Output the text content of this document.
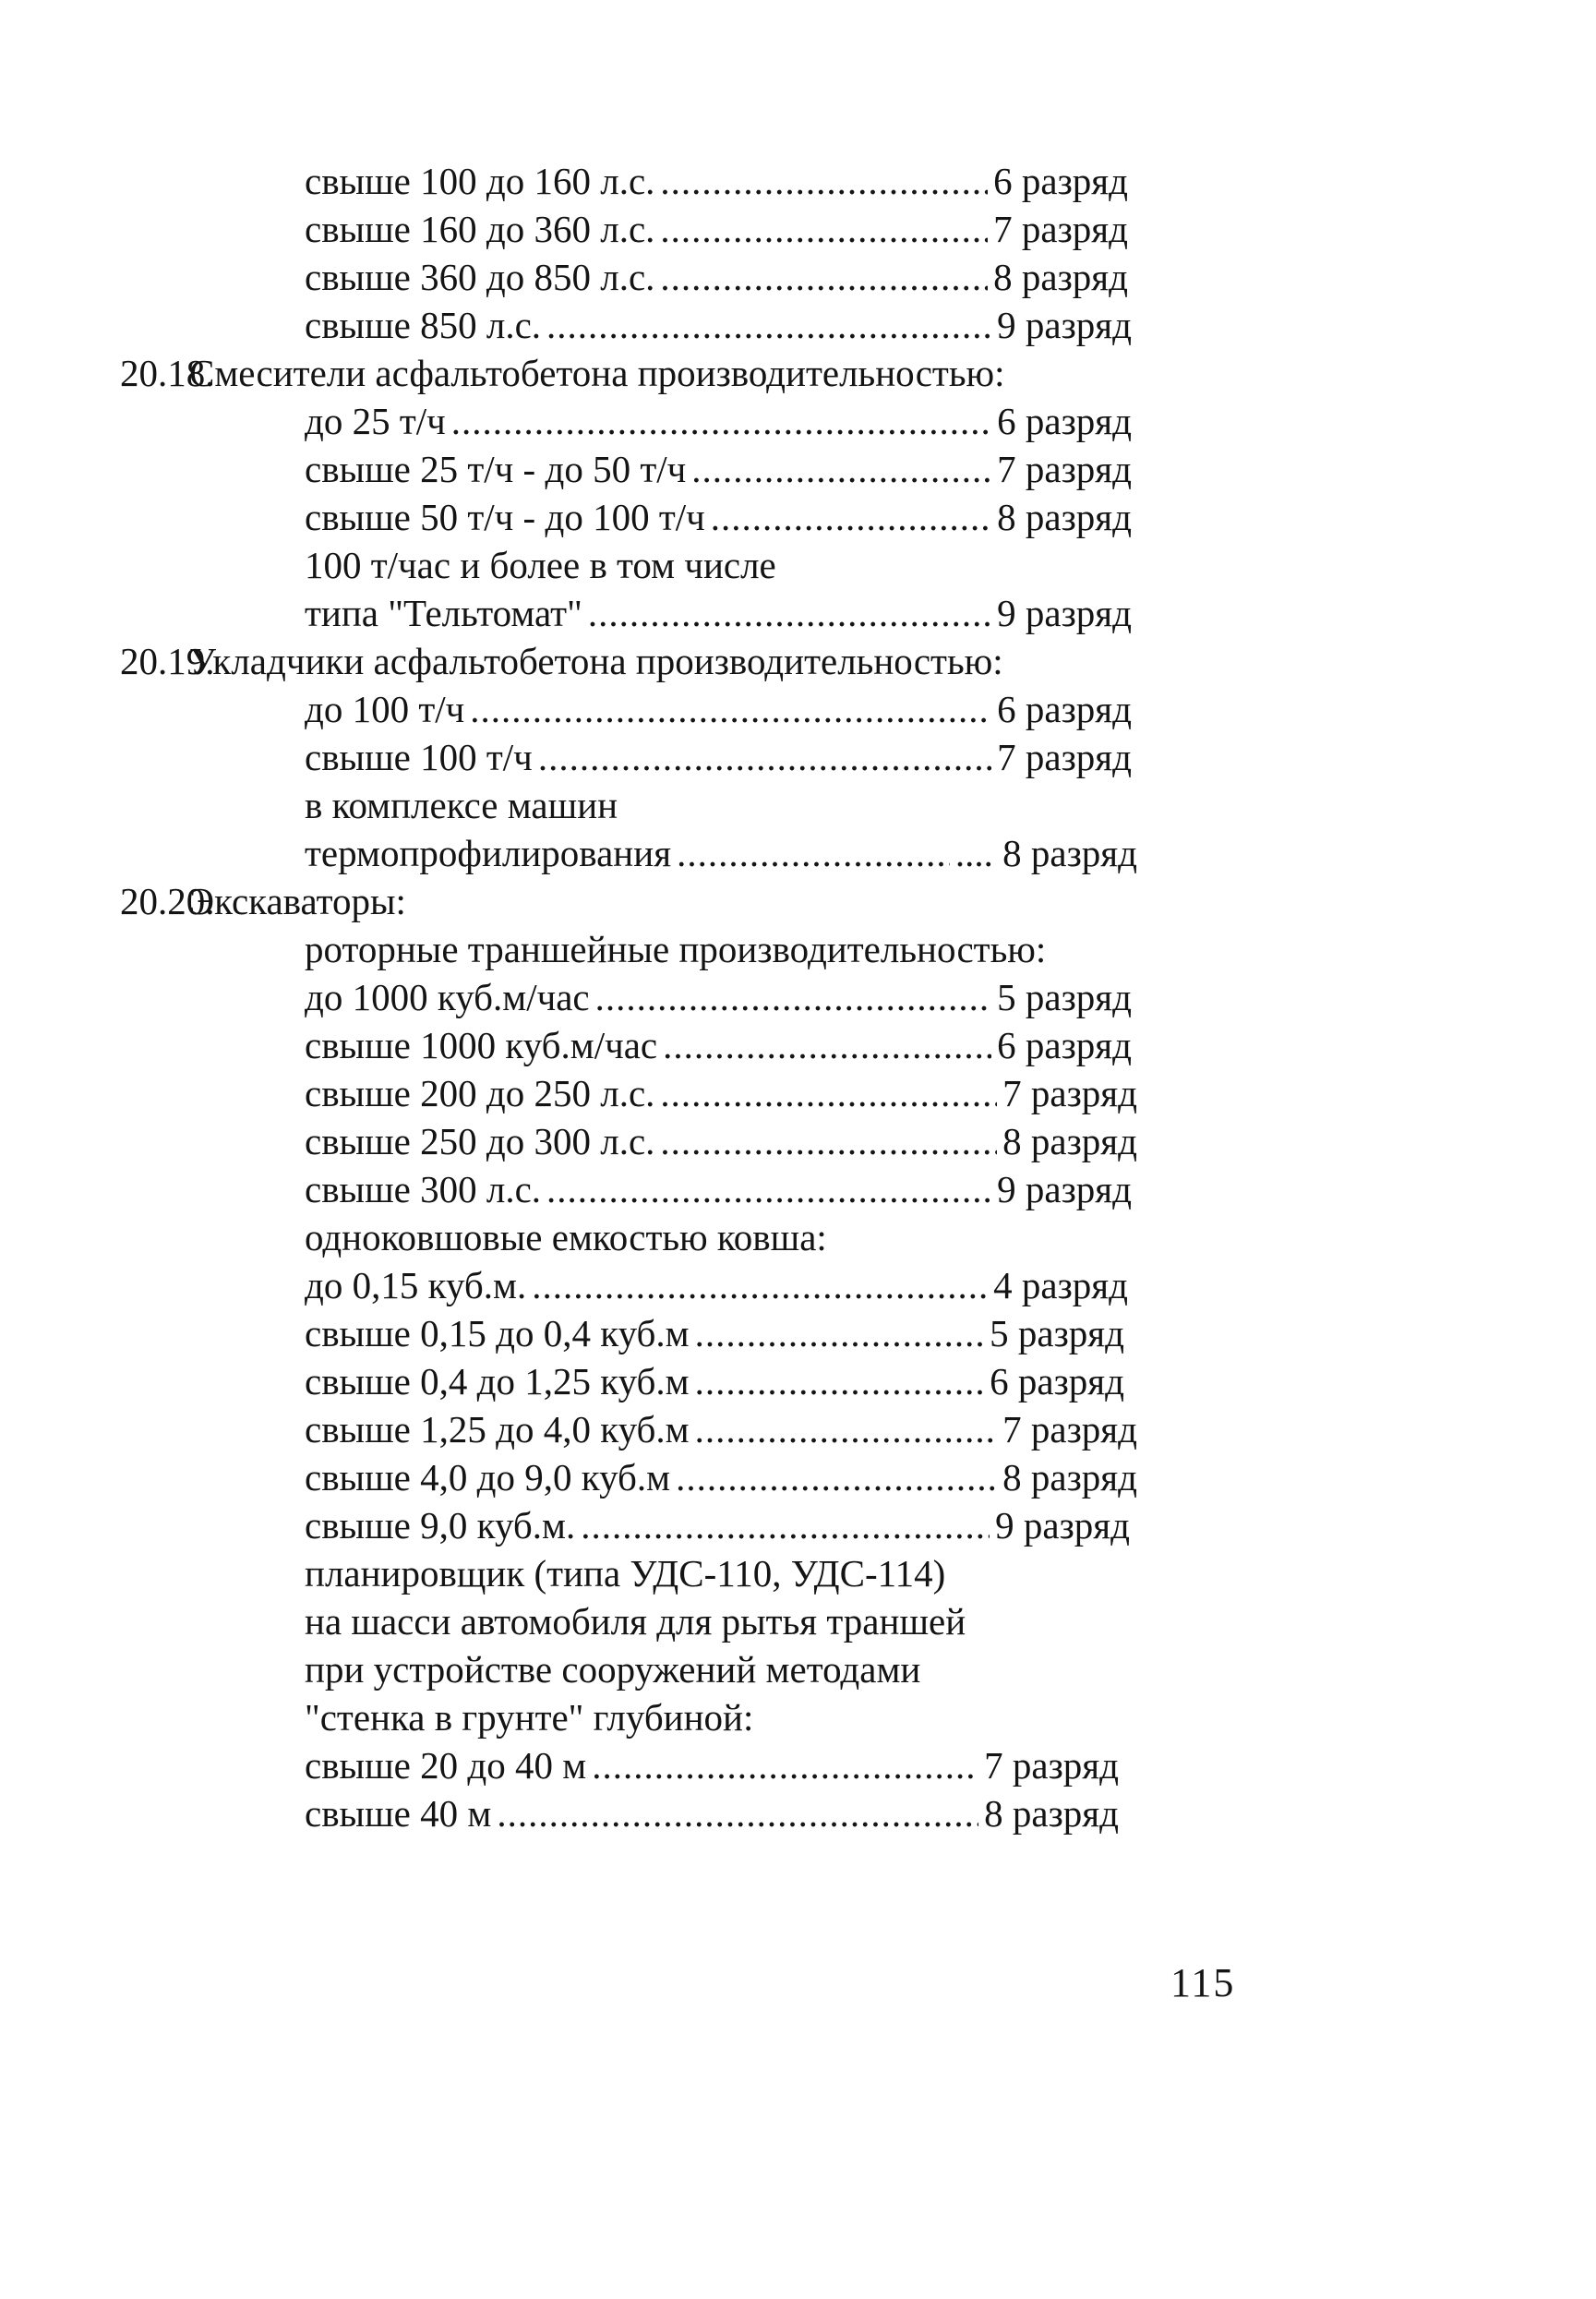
свыше 100 до 160 л.с. .....	6 разряд
свыше 160 до 360 л.с. .....	7 разряд
свыше 360 до 850 л.с. .....	8 разряд
свыше 850 л.с. .....	9 разряд
20.18.
Смесители асфальтобетона производительностью:
до 25 т/ч .....	6 разряд
свыше 25 т/ч - до 50 т/ч .....	7 разряд
свыше 50 т/ч - до 100 т/ч .....	8 разряд
100 т/час и более в том числе
типа "Тельтомат" .....	9 разряд
20.19.
Укладчики асфальтобетона производительностью:
до 100 т/ч .....	6 разряд
свыше 100 т/ч .....	7 разряд
в комплексе машин
термопрофилирования .....	.... 8 разряд
20.20.
Экскаваторы:
роторные траншейные производительностью:
до 1000 куб.м/час .....	5 разряд
свыше 1000 куб.м/час .....	6 разряд
свыше 200 до 250 л.с. .....	7 разряд
свыше 250 до 300 л.с. .....	8 разряд
свыше 300 л.с. .....	9 разряд
одноковшовые емкостью ковша:
до 0,15 куб.м. .....	4 разряд
свыше 0,15 до 0,4 куб.м .....	5 разряд
свыше 0,4 до 1,25 куб.м .....	6 разряд
свыше 1,25 до 4,0 куб.м .....	7 разряд
свыше 4,0 до 9,0 куб.м .....	8 разряд
свыше 9,0 куб.м. .....	9 разряд
планировщик (типа УДС-110, УДС-114)
на шасси автомобиля для рытья траншей
при устройстве сооружений методами
"стенка в грунте" глубиной:
свыше 20 до 40 м .....	7 разряд
свыше 40 м .....	8 разряд
115
